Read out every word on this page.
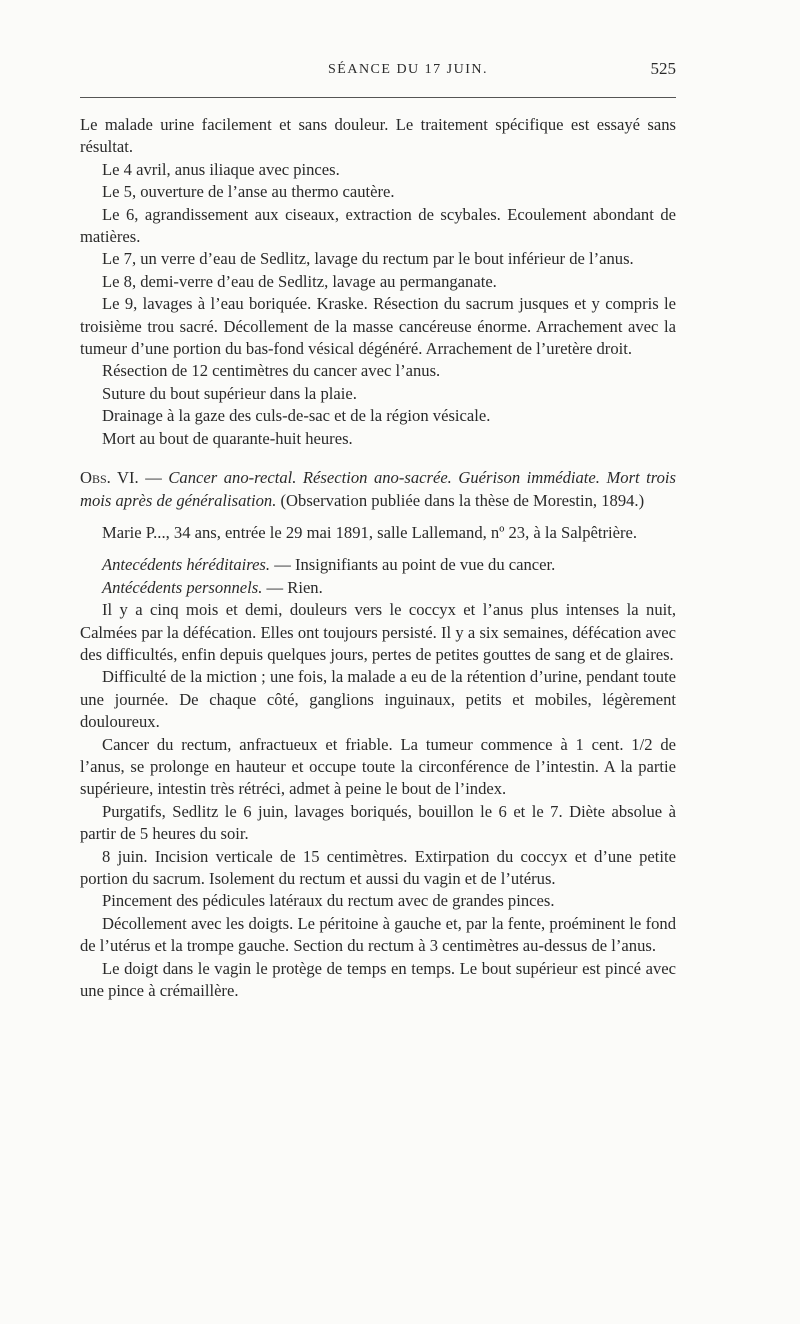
SÉANCE DU 17 JUIN.	525

Le malade urine facilement et sans douleur. Le traitement spécifique est essayé sans résultat.

Le 4 avril, anus iliaque avec pinces.

Le 5, ouverture de l’anse au thermo cautère.

Le 6, agrandissement aux ciseaux, extraction de scybales. Ecoulement abondant de matières.

Le 7, un verre d’eau de Sedlitz, lavage du rectum par le bout inférieur de l’anus.

Le 8, demi-verre d’eau de Sedlitz, lavage au permanganate.

Le 9, lavages à l’eau boriquée. Kraske. Résection du sacrum jusques et y compris le troisième trou sacré. Décollement de la masse cancéreuse énorme. Arrachement avec la tumeur d’une portion du bas-fond vésical dégénéré. Arrachement de l’uretère droit.

Résection de 12 centimètres du cancer avec l’anus.

Suture du bout supérieur dans la plaie.

Drainage à la gaze des culs-de-sac et de la région vésicale.

Mort au bout de quarante-huit heures.

Obs. VI. — Cancer ano-rectal. Résection ano-sacrée. Guérison immédiate. Mort trois mois après de généralisation. (Observation publiée dans la thèse de Morestin, 1894.)

Marie P..., 34 ans, entrée le 29 mai 1891, salle Lallemand, nº 23, à la Salpêtrière.

Antecédents héréditaires. — Insignifiants au point de vue du cancer.

Antécédents personnels. — Rien.

Il y a cinq mois et demi, douleurs vers le coccyx et l’anus plus intenses la nuit, Calmées par la défécation. Elles ont toujours persisté. Il y a six semaines, défécation avec des difficultés, enfin depuis quelques jours, pertes de petites gouttes de sang et de glaires.

Difficulté de la miction ; une fois, la malade a eu de la rétention d’urine, pendant toute une journée. De chaque côté, ganglions inguinaux, petits et mobiles, légèrement douloureux.

Cancer du rectum, anfractueux et friable. La tumeur commence à 1 cent. 1/2 de l’anus, se prolonge en hauteur et occupe toute la circonférence de l’intestin. A la partie supérieure, intestin très rétréci, admet à peine le bout de l’index.

Purgatifs, Sedlitz le 6 juin, lavages boriqués, bouillon le 6 et le 7. Diète absolue à partir de 5 heures du soir.

8 juin. Incision verticale de 15 centimètres. Extirpation du coccyx et d’une petite portion du sacrum. Isolement du rectum et aussi du vagin et de l’utérus.

Pincement des pédicules latéraux du rectum avec de grandes pinces.

Décollement avec les doigts. Le péritoine à gauche et, par la fente, proéminent le fond de l’utérus et la trompe gauche. Section du rectum à 3 centimètres au-dessus de l’anus.

Le doigt dans le vagin le protège de temps en temps. Le bout supérieur est pincé avec une pince à crémaillère.
